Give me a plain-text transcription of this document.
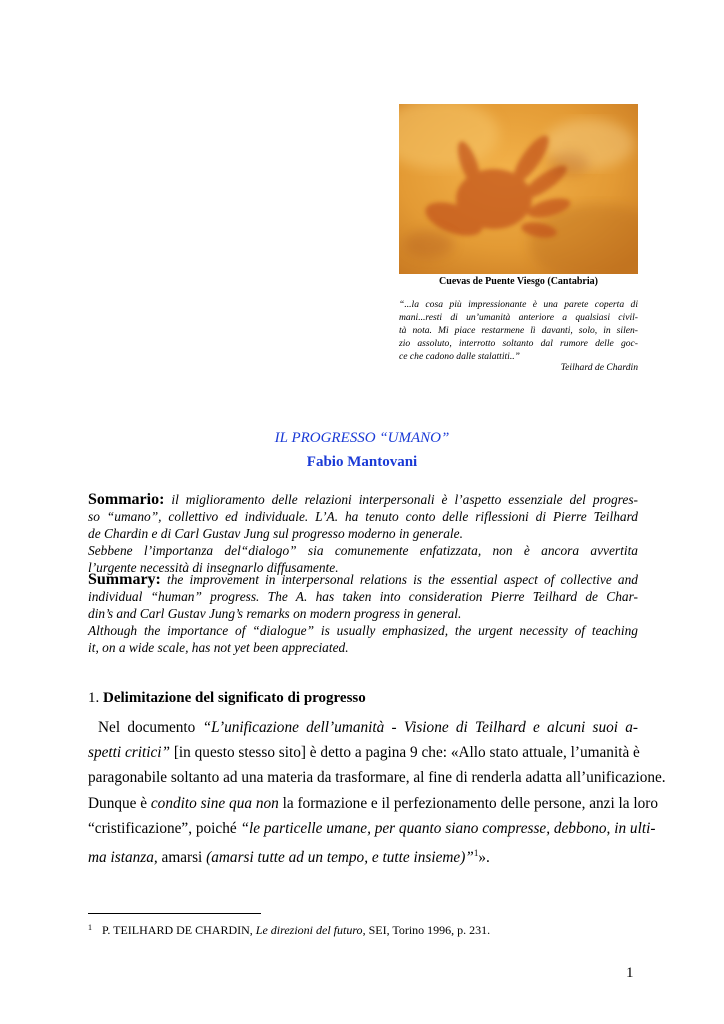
Cuevas de Puente Viesgo (Cantabria)
“...la cosa più impressionante è una parete coperta di
mani...resti di un’umanità anteriore a qualsiasi civil-
tà nota. Mi piace restarmene lì davanti, solo, in silen-
zio assoluto, interrotto soltanto dal rumore delle goc-
ce che cadono dalle stalattiti..”
Teilhard de Chardin
IL PROGRESSO “UMANO”
Fabio Mantovani
Sommario: il miglioramento delle relazioni interpersonali è l’aspetto essenziale del progres-
so “umano”, collettivo ed individuale. L’A. ha tenuto conto delle riflessioni di Pierre Teilhard
de Chardin e di Carl Gustav Jung sul progresso moderno in generale.
Sebbene l’importanza del“dialogo” sia comunemente enfatizzata, non è ancora avvertita
l’urgente necessità di insegnarlo diffusamente.
Summary: the improvement in interpersonal relations is the essential aspect of collective and
individual “human” progress. The A. has taken into consideration Pierre Teilhard de Char-
din’s and Carl Gustav Jung’s remarks on modern progress in general.
Although the importance of “dialogue” is usually emphasized, the urgent necessity of teaching
it, on a wide scale, has not yet been appreciated.
1. Delimitazione del significato di progresso
Nel documento “L’unificazione dell’umanità - Visione di Teilhard e alcuni suoi a-
spetti critici” [in questo stesso sito] è detto a pagina 9 che: «Allo stato attuale, l’umanità è
paragonabile soltanto ad una materia da trasformare, al fine di renderla adatta all’unificazione.
Dunque è condito sine qua non la formazione e il perfezionamento delle persone, anzi la loro
“cristificazione”, poiché “le particelle umane, per quanto siano compresse, debbono, in ulti-
ma istanza, amarsi (amarsi tutte ad un tempo, e tutte insieme)”$^1$».
$^1$ P. TEILHARD DE CHARDIN, Le direzioni del futuro, SEI, Torino 1996, p. 231.
1
